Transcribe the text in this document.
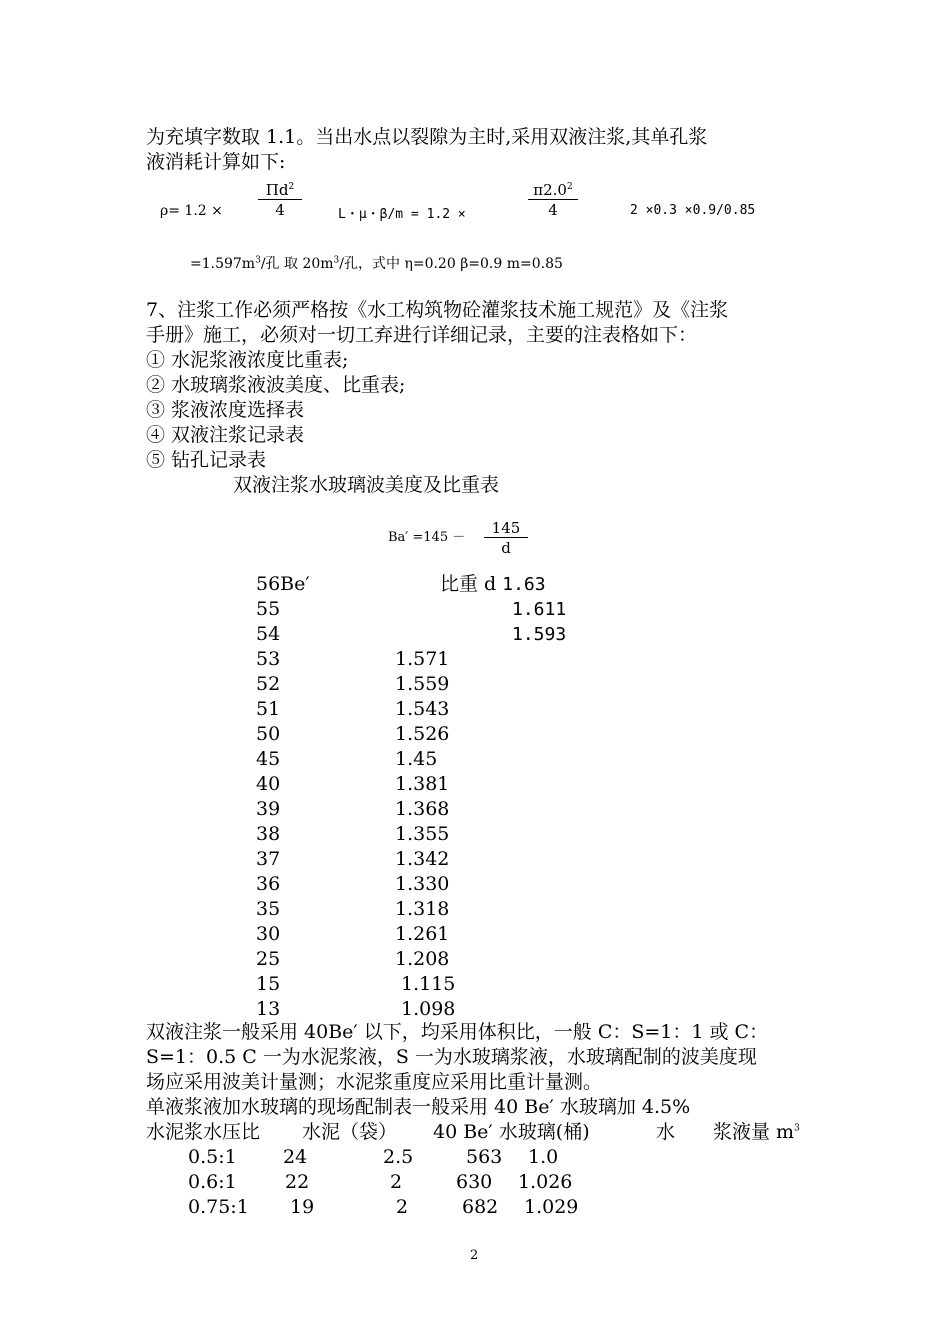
为充填字数取 1.1。当出水点以裂隙为主时,采用双液注浆,其单孔浆
液消耗计算如下:
ρ= 1.2 ×
$Пd^2$
4	L・μ・β/m = 1.2 ×	$\frac{\pi 2.0^2}{4}$	2 ×0.3 ×0.9/0.85
$=1.597m^3/$孔 取 $20m^3/$孔，式中 η=0.20 β=0.9 m=0.85
7、注浆工作必须严格按《水工构筑物砼灌浆技术施工规范》及《注浆
手册》施工，必须对一切工弃进行详细记录，主要的注表格如下：
① 水泥浆液浓度比重表;
② 水玻璃浆液波美度、比重表;
③ 浆液浓度选择表
④ 双液注浆记录表
⑤ 钻孔记录表
双液注浆水玻璃波美度及比重表
$Ba' =145 - \frac{145}{d}$
56Be′	比重 d 1.63
55	1.611
54	1.593
53	1.571
52	1.559
51	1.543
50	1.526
45	1.45
40	1.381
39	1.368
38	1.355
37	1.342
36	1.330
35	1.318
30	1.261
25	1.208
15	1.115
13	1.098
双液注浆一般采用 40Be′ 以下，均采用体积比，一般 C：S=1：1 或 C：
S=1：0.5 C 一为水泥浆液，S 一为水玻璃浆液，水玻璃配制的波美度现
场应采用波美计量测；水泥浆重度应采用比重计量测。
单液浆液加水玻璃的现场配制表一般采用 40 Be′ 水玻璃加 4.5%
水泥浆水压比 水泥（袋） 40 Be′ 水玻璃(桶)	水 浆液量 $m^3$
0.5:1 24	2.5	563 1.0
0.6:1	22	2	630 1.026
0.75:1 19	2	682 1.029
2
